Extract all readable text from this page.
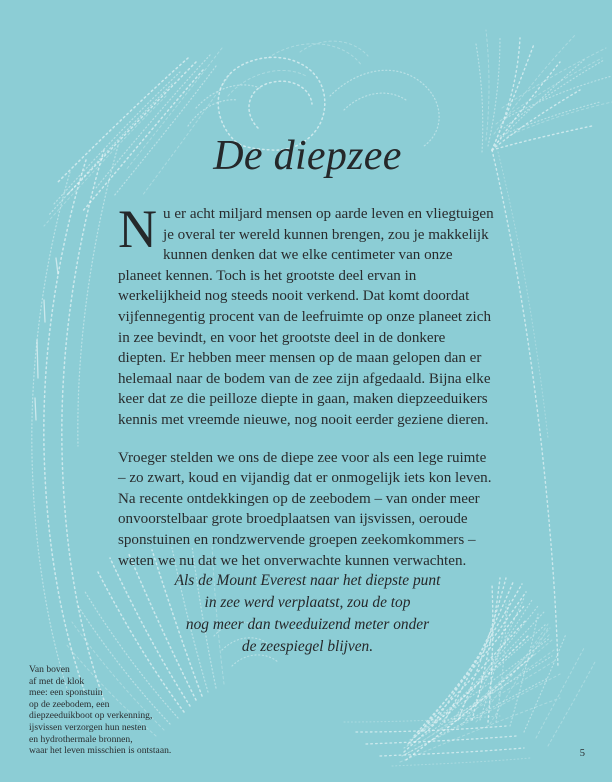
De diepzee

Nu er acht miljard mensen op aarde leven en vliegtuigen je overal ter wereld kunnen brengen, zou je makkelijk kunnen denken dat we elke centimeter van onze planeet kennen. Toch is het grootste deel ervan in werkelijkheid nog steeds nooit verkend. Dat komt doordat vijfennegentig procent van de leefruimte op onze planeet zich in zee bevindt, en voor het grootste deel in de donkere diepten. Er hebben meer mensen op de maan gelopen dan er helemaal naar de bodem van de zee zijn afgedaald. Bijna elke keer dat ze die peilloze diepte in gaan, maken diepzeeduikers kennis met vreemde nieuwe, nog nooit eerder geziene dieren.

Vroeger stelden we ons de diepe zee voor als een lege ruimte – zo zwart, koud en vijandig dat er onmogelijk iets kon leven. Na recente ontdekkingen op de zeebodem – van onder meer onvoorstelbaar grote broedplaatsen van ijsvissen, oeroude sponstuinen en rondzwervende groepen zeekomkommers – weten we nu dat we het onverwachte kunnen verwachten.

Als de Mount Everest naar het diepste punt
in zee werd verplaatst, zou de top
nog meer dan tweeduizend meter onder
de zeespiegel blijven.
Van boven
af met de klok
mee: een sponstuin
op de zeebodem, een
diepzeeduikboot op verkenning,
ijsvissen verzorgen hun nesten
en hydrothermale bronnen,
waar het leven misschien is ontstaan.	5
